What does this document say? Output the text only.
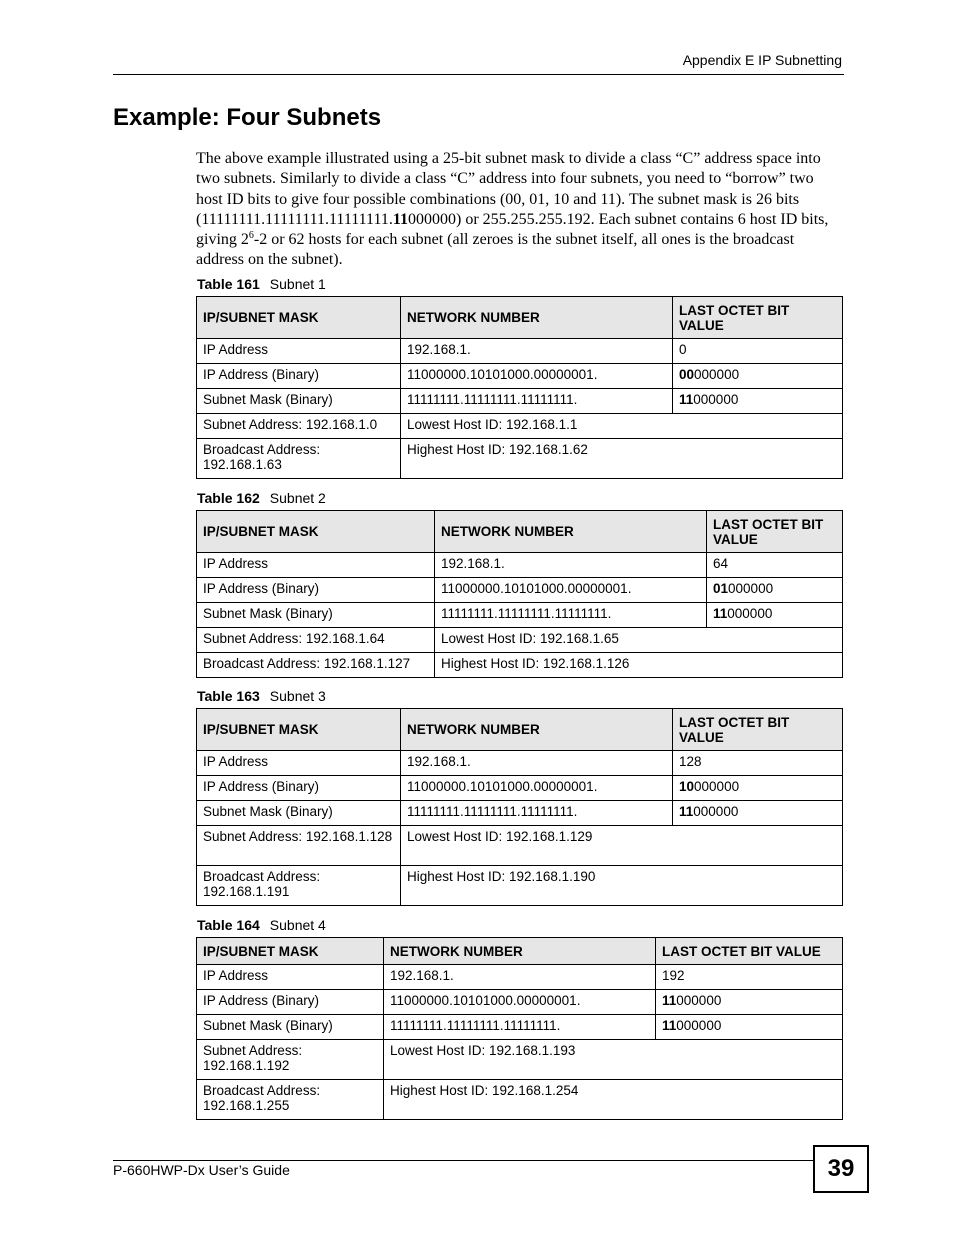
Appendix E IP Subnetting
Example: Four Subnets

The above example illustrated using a 25-bit subnet mask to divide a class “C” address space into two subnets. Similarly to divide a class “C” address into four subnets, you need to “borrow” two host ID bits to give four possible combinations (00, 01, 10 and 11). The subnet mask is 26 bits (11111111.11111111.11111111.11000000) or 255.255.255.192. Each subnet contains 6 host ID bits, giving $2^6-2$ or 62 hosts for each subnet (all zeroes is the subnet itself, all ones is the broadcast address on the subnet).

Table 161 Subnet 1
IP/SUBNET MASK	NETWORK NUMBER	LAST OCTET BIT VALUE
IP Address	192.168.1.	0
IP Address (Binary)	11000000.10101000.00000001.	00000000
Subnet Mask (Binary)	11111111.11111111.11111111.	11000000
Subnet Address: 192.168.1.0	Lowest Host ID: 192.168.1.1	
Broadcast Address: 192.168.1.63	Highest Host ID: 192.168.1.62	
Table 162 Subnet 2
IP/SUBNET MASK	NETWORK NUMBER	LAST OCTET BIT VALUE
IP Address	192.168.1.	64
IP Address (Binary)	11000000.10101000.00000001.	01000000
Subnet Mask (Binary)	11111111.11111111.11111111.	11000000
Subnet Address: 192.168.1.64	Lowest Host ID: 192.168.1.65	
Broadcast Address: 192.168.1.127	Highest Host ID: 192.168.1.126	
Table 163 Subnet 3
IP/SUBNET MASK	NETWORK NUMBER	LAST OCTET BIT VALUE
IP Address	192.168.1.	128
IP Address (Binary)	11000000.10101000.00000001.	10000000
Subnet Mask (Binary)	11111111.11111111.11111111.	11000000
Subnet Address: 192.168.1.128	Lowest Host ID: 192.168.1.129	
Broadcast Address: 192.168.1.191	Highest Host ID: 192.168.1.190	
Table 164 Subnet 4
IP/SUBNET MASK	NETWORK NUMBER	LAST OCTET BIT VALUE
IP Address	192.168.1.	192
IP Address (Binary)	11000000.10101000.00000001.	11000000
Subnet Mask (Binary)	11111111.11111111.11111111.	11000000
Subnet Address: 192.168.1.192	Lowest Host ID: 192.168.1.193	
Broadcast Address: 192.168.1.255	Highest Host ID: 192.168.1.254	
P-660HWP-Dx User’s Guide	39
